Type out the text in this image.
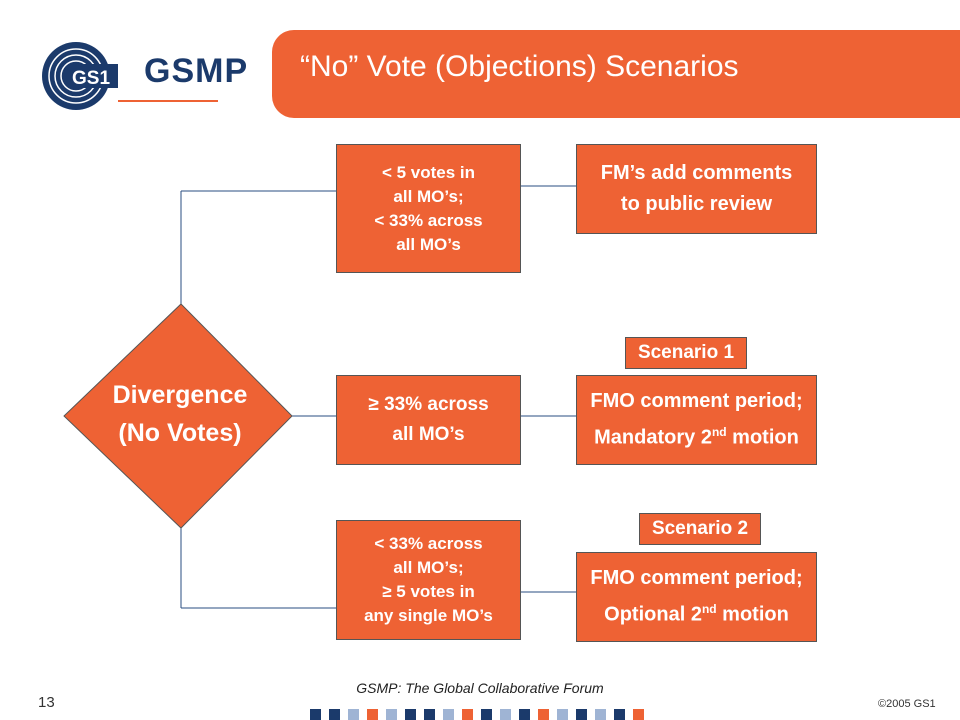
GS1 GSMP “No” Vote (Objections) Scenarios
Divergence
(No Votes)
< 5 votes in
all MO’s;
< 33% across
all MO’s
≥ 33% across
all MO’s
< 33% across
all MO’s;
≥ 5 votes in
any single MO’s
FM’s add comments
to public review
FMO comment period;
Mandatory 2nd motion
FMO comment period;
Optional 2nd motion
Scenario 1
Scenario 2
GSMP: The Global Collaborative Forum
13	©2005 GS1
